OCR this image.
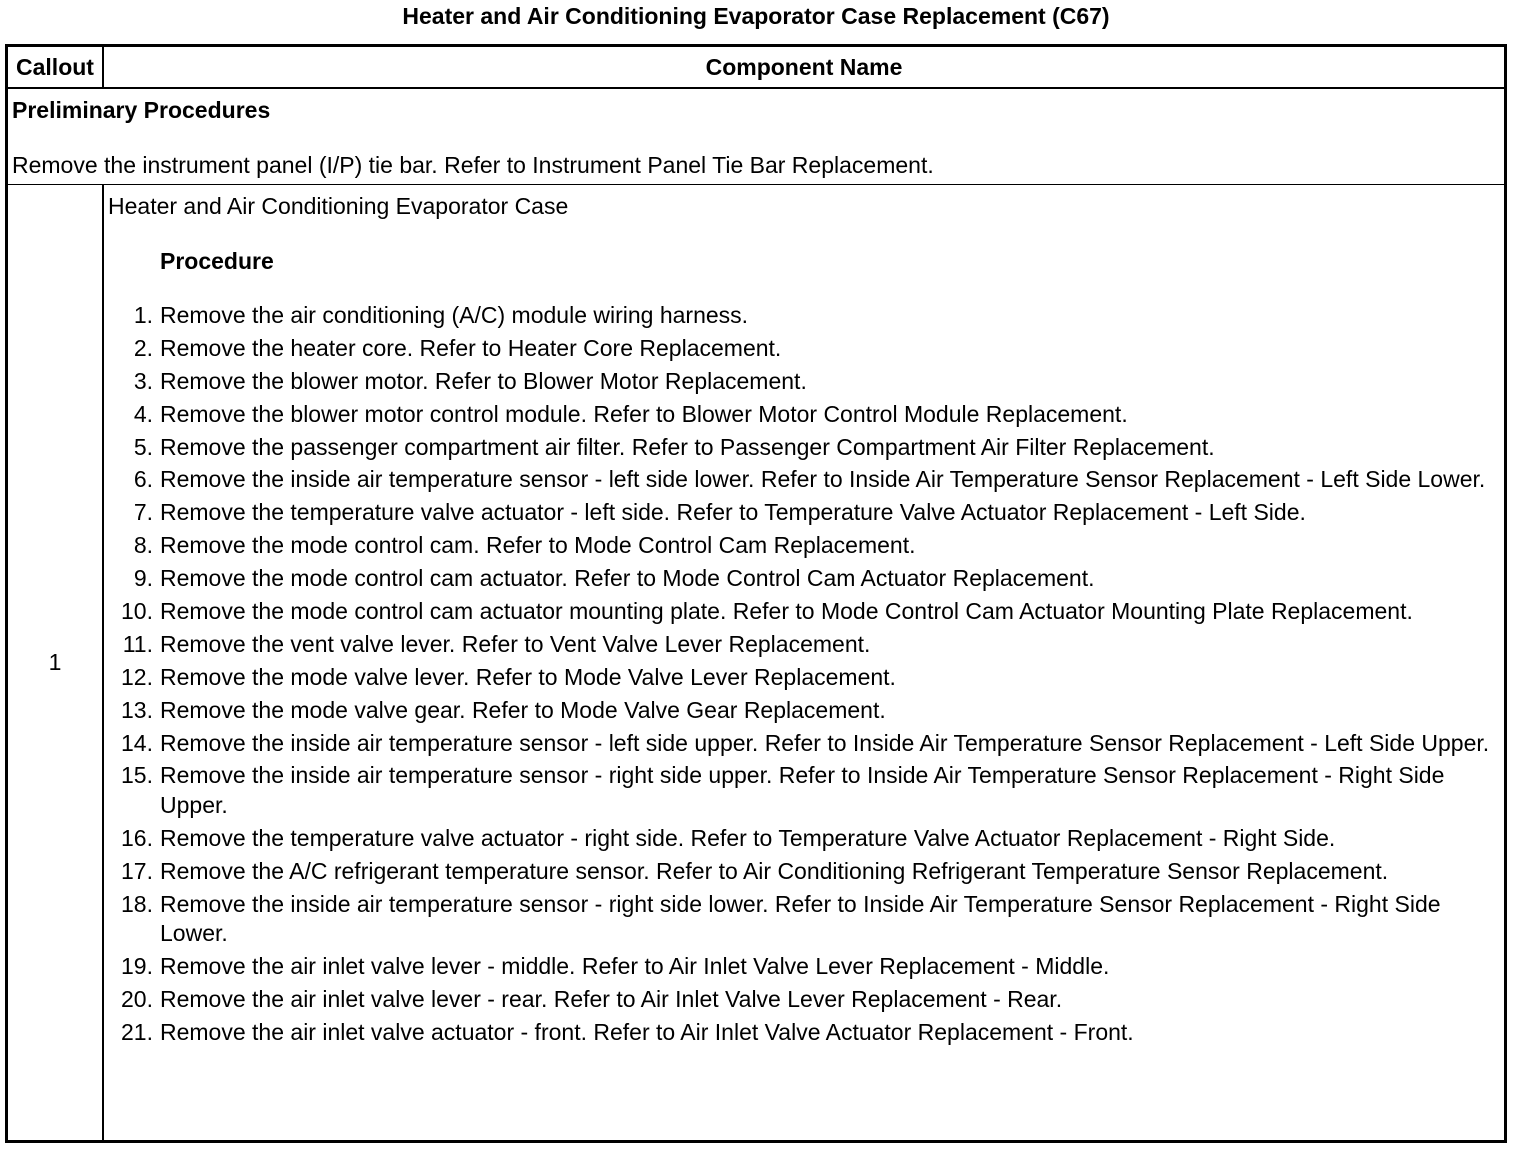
Heater and Air Conditioning Evaporator Case Replacement (C67)
Callout	Component Name
Preliminary Procedures
Remove the instrument panel (I/P) tie bar. Refer to Instrument Panel Tie Bar Replacement.
1
Heater and Air Conditioning Evaporator Case
Procedure
1. Remove the air conditioning (A/C) module wiring harness.
2. Remove the heater core. Refer to Heater Core Replacement.
3. Remove the blower motor. Refer to Blower Motor Replacement.
4. Remove the blower motor control module. Refer to Blower Motor Control Module Replacement.
5. Remove the passenger compartment air filter. Refer to Passenger Compartment Air Filter Replacement.
6. Remove the inside air temperature sensor - left side lower. Refer to Inside Air Temperature Sensor Replacement - Left Side Lower.
7. Remove the temperature valve actuator - left side. Refer to Temperature Valve Actuator Replacement - Left Side.
8. Remove the mode control cam. Refer to Mode Control Cam Replacement.
9. Remove the mode control cam actuator. Refer to Mode Control Cam Actuator Replacement.
10. Remove the mode control cam actuator mounting plate. Refer to Mode Control Cam Actuator Mounting Plate Replacement.
11. Remove the vent valve lever. Refer to Vent Valve Lever Replacement.
12. Remove the mode valve lever. Refer to Mode Valve Lever Replacement.
13. Remove the mode valve gear. Refer to Mode Valve Gear Replacement.
14. Remove the inside air temperature sensor - left side upper. Refer to Inside Air Temperature Sensor Replacement - Left Side Upper.
15. Remove the inside air temperature sensor - right side upper. Refer to Inside Air Temperature Sensor Replacement - Right Side Upper.
16. Remove the temperature valve actuator - right side. Refer to Temperature Valve Actuator Replacement - Right Side.
17. Remove the A/C refrigerant temperature sensor. Refer to Air Conditioning Refrigerant Temperature Sensor Replacement.
18. Remove the inside air temperature sensor - right side lower. Refer to Inside Air Temperature Sensor Replacement - Right Side Lower.
19. Remove the air inlet valve lever - middle. Refer to Air Inlet Valve Lever Replacement - Middle.
20. Remove the air inlet valve lever - rear. Refer to Air Inlet Valve Lever Replacement - Rear.
21. Remove the air inlet valve actuator - front. Refer to Air Inlet Valve Actuator Replacement - Front.
